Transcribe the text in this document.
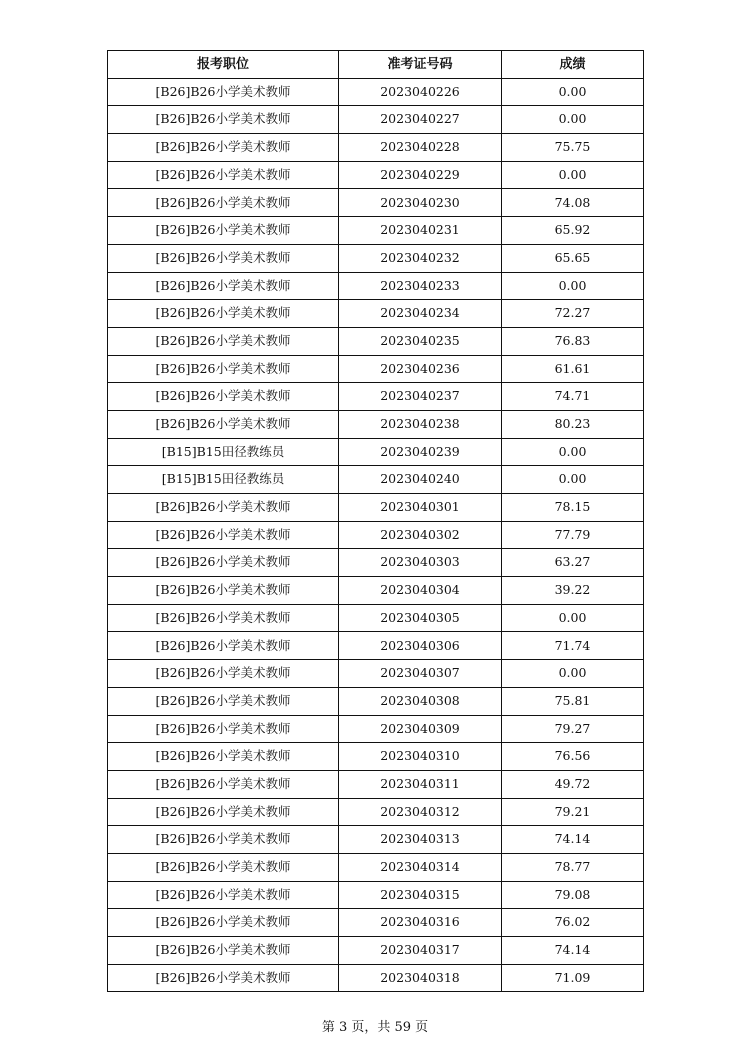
报考职位	准考证号码	成绩
[B26]B26小学美术教师	2023040226	0.00
[B26]B26小学美术教师	2023040227	0.00
[B26]B26小学美术教师	2023040228	75.75
[B26]B26小学美术教师	2023040229	0.00
[B26]B26小学美术教师	2023040230	74.08
[B26]B26小学美术教师	2023040231	65.92
[B26]B26小学美术教师	2023040232	65.65
[B26]B26小学美术教师	2023040233	0.00
[B26]B26小学美术教师	2023040234	72.27
[B26]B26小学美术教师	2023040235	76.83
[B26]B26小学美术教师	2023040236	61.61
[B26]B26小学美术教师	2023040237	74.71
[B26]B26小学美术教师	2023040238	80.23
[B15]B15田径教练员	2023040239	0.00
[B15]B15田径教练员	2023040240	0.00
[B26]B26小学美术教师	2023040301	78.15
[B26]B26小学美术教师	2023040302	77.79
[B26]B26小学美术教师	2023040303	63.27
[B26]B26小学美术教师	2023040304	39.22
[B26]B26小学美术教师	2023040305	0.00
[B26]B26小学美术教师	2023040306	71.74
[B26]B26小学美术教师	2023040307	0.00
[B26]B26小学美术教师	2023040308	75.81
[B26]B26小学美术教师	2023040309	79.27
[B26]B26小学美术教师	2023040310	76.56
[B26]B26小学美术教师	2023040311	49.72
[B26]B26小学美术教师	2023040312	79.21
[B26]B26小学美术教师	2023040313	74.14
[B26]B26小学美术教师	2023040314	78.77
[B26]B26小学美术教师	2023040315	79.08
[B26]B26小学美术教师	2023040316	76.02
[B26]B26小学美术教师	2023040317	74.14
[B26]B26小学美术教师	2023040318	71.09
第 3 页，共 59 页
